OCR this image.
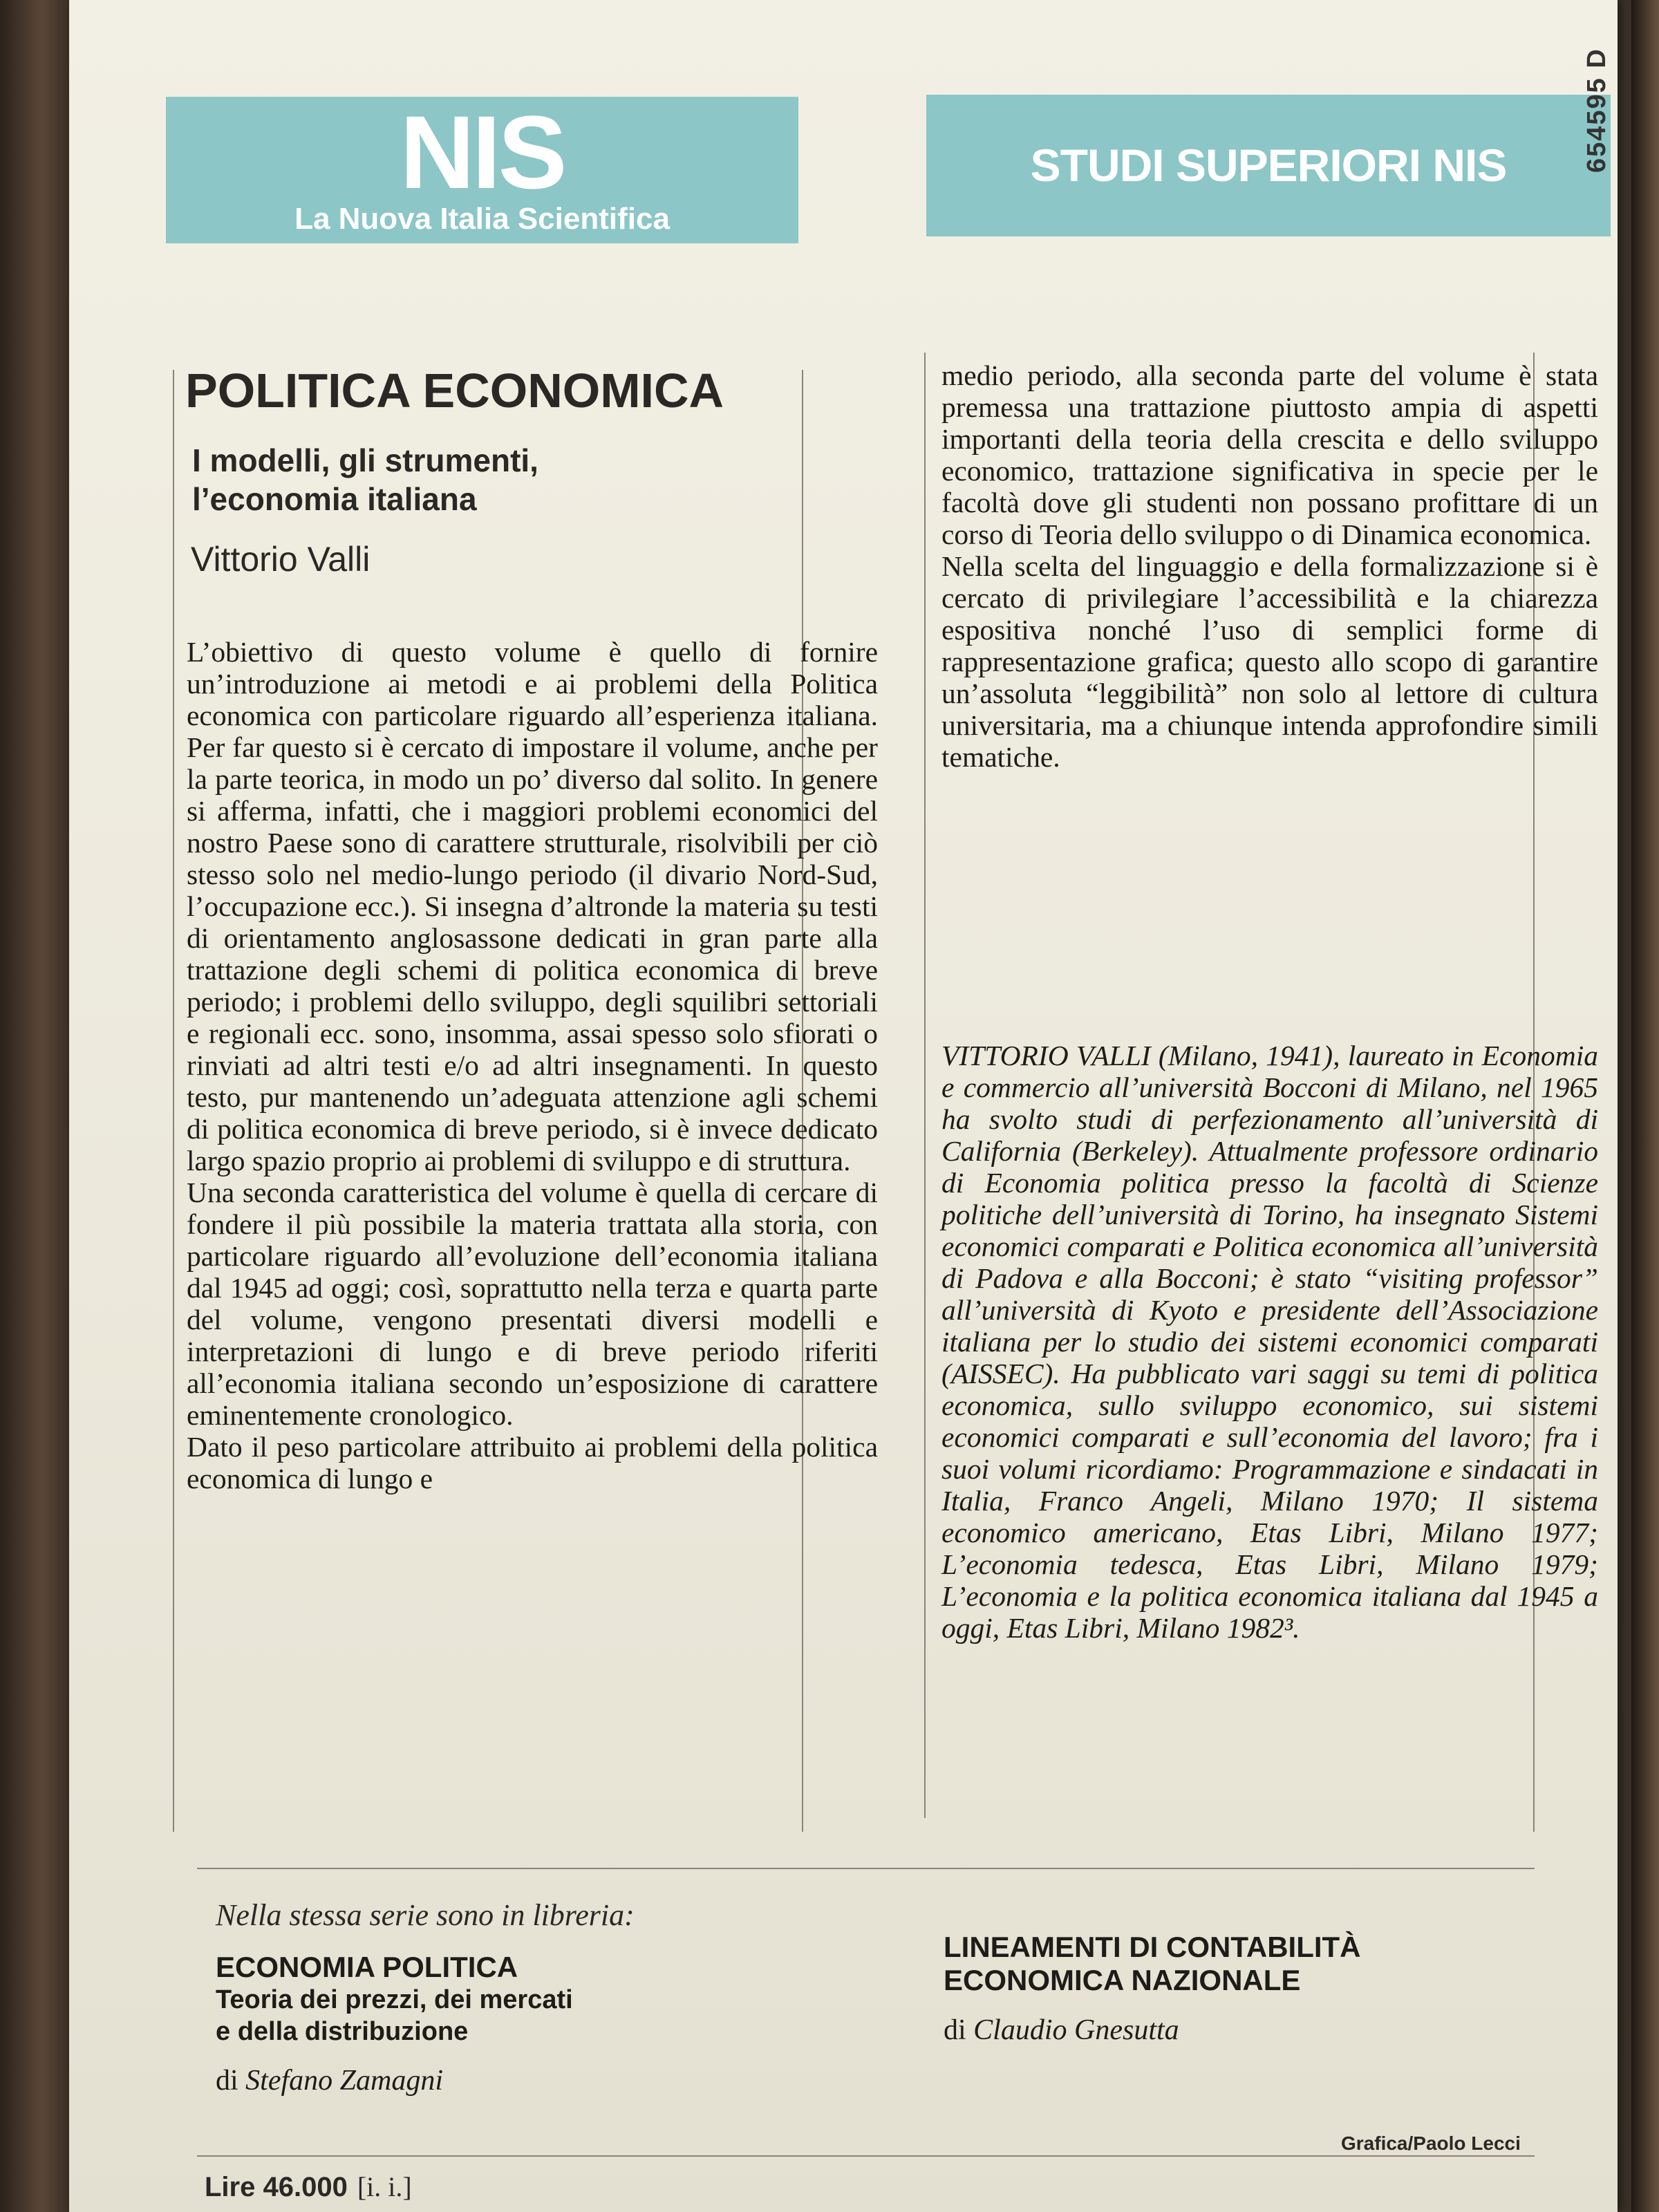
NIS
La Nuova Italia Scientifica
STUDI SUPERIORI NIS	654595 D
POLITICA ECONOMICA
I modelli, gli strumenti,
l’economia italiana
Vittorio Valli

L’obiettivo di questo volume è quello di fornire un’introduzione ai metodi e ai problemi della Politica economica con particolare riguardo all’esperienza italiana. Per far questo si è cercato di impostare il volume, anche per la parte teorica, in modo un po’ diverso dal solito. In genere si afferma, infatti, che i maggiori problemi economici del nostro Paese sono di carattere strutturale, risolvibili per ciò stesso solo nel medio-lungo periodo (il divario Nord-Sud, l’occupazione ecc.). Si insegna d’altronde la materia su testi di orientamento anglosassone dedicati in gran parte alla trattazione degli schemi di politica economica di breve periodo; i problemi dello sviluppo, degli squilibri settoriali e regionali ecc. sono, insomma, assai spesso solo sfiorati o rinviati ad altri testi e/o ad altri insegnamenti. In questo testo, pur mantenendo un’adeguata attenzione agli schemi di politica economica di breve periodo, si è invece dedicato largo spazio proprio ai problemi di sviluppo e di struttura.

Una seconda caratteristica del volume è quella di cercare di fondere il più possibile la materia trattata alla storia, con particolare riguardo all’evoluzione dell’economia italiana dal 1945 ad oggi; così, soprattutto nella terza e quarta parte del volume, vengono presentati diversi modelli e interpretazioni di lungo e di breve periodo riferiti all’economia italiana secondo un’esposizione di carattere eminentemente cronologico.

Dato il peso particolare attribuito ai problemi della politica economica di lungo e

medio periodo, alla seconda parte del volume è stata premessa una trattazione piuttosto ampia di aspetti importanti della teoria della crescita e dello sviluppo economico, trattazione significativa in specie per le facoltà dove gli studenti non possano profittare di un corso di Teoria dello sviluppo o di Dinamica economica.

Nella scelta del linguaggio e della formalizzazione si è cercato di privilegiare l’accessibilità e la chiarezza espositiva nonché l’uso di semplici forme di rappresentazione grafica; questo allo scopo di garantire un’assoluta “leggibilità” non solo al lettore di cultura universitaria, ma a chiunque intenda approfondire simili tematiche.

VITTORIO VALLI (Milano, 1941), laureato in Economia e commercio all’università Bocconi di Milano, nel 1965 ha svolto studi di perfezionamento all’università di California (Berkeley). Attualmente professore ordinario di Economia politica presso la facoltà di Scienze politiche dell’università di Torino, ha insegnato Sistemi economici comparati e Politica economica all’università di Padova e alla Bocconi; è stato “visiting professor” all’università di Kyoto e presidente dell’Associazione italiana per lo studio dei sistemi economici comparati (AISSEC). Ha pubblicato vari saggi su temi di politica economica, sullo sviluppo economico, sui sistemi economici comparati e sull’economia del lavoro; fra i suoi volumi ricordiamo: Programmazione e sindacati in Italia, Franco Angeli, Milano 1970; Il sistema economico americano, Etas Libri, Milano 1977; L’economia tedesca, Etas Libri, Milano 1979; L’economia e la politica economica italiana dal 1945 a oggi, Etas Libri, Milano 1982³.

Nella stessa serie sono in libreria:
ECONOMIA POLITICA
Teoria dei prezzi, dei mercati
e della distribuzione
di Stefano Zamagni
LINEAMENTI DI CONTABILITÀ
ECONOMICA NAZIONALE
di Claudio Gnesutta
Lire 46.000 [i. i.]
Grafica/Paolo Lecci
